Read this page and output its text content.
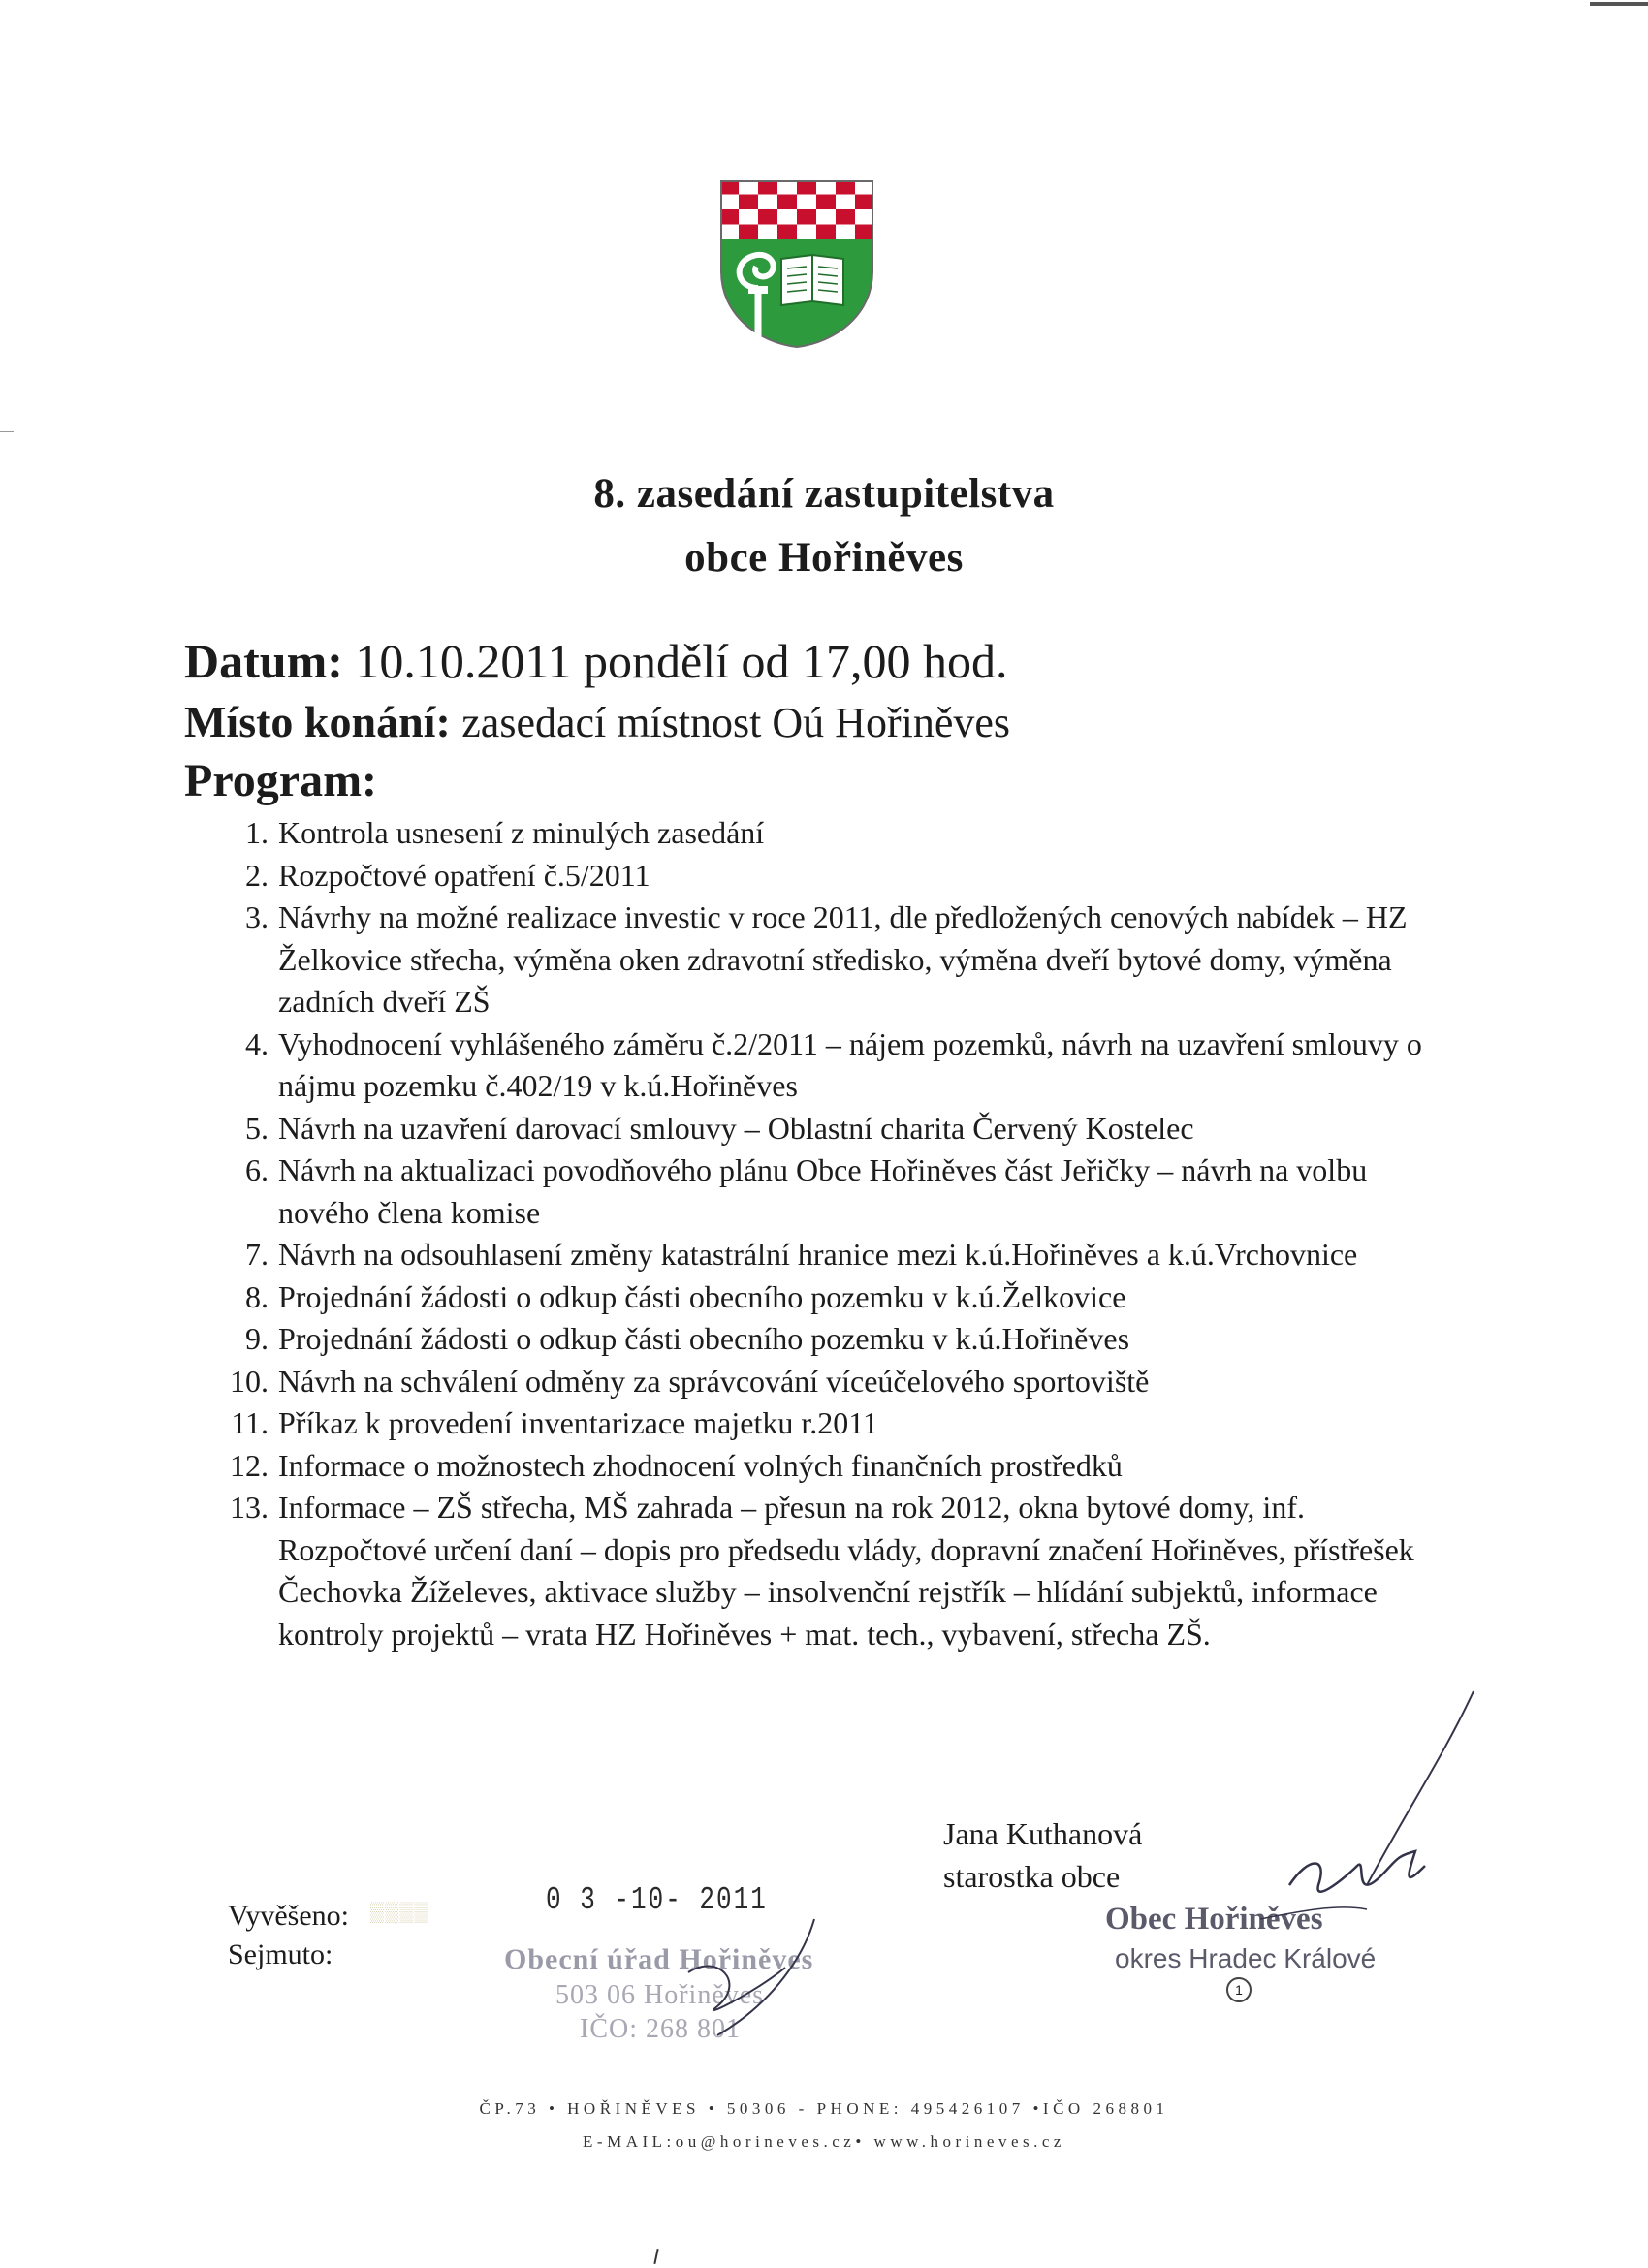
8. zasedání zastupitelstva
obce Hořiněves
Datum: 10.10.2011 pondělí od 17,00 hod.
Místo konání: zasedací místnost Oú Hořiněves
Program:
1. Kontrola usnesení z minulých zasedání
2. Rozpočtové opatření č.5/2011
3. Návrhy na možné realizace investic v roce 2011, dle předložených cenových nabídek – HZ Želkovice střecha, výměna oken zdravotní středisko, výměna dveří bytové domy, výměna zadních dveří ZŠ
4. Vyhodnocení vyhlášeného záměru č.2/2011 – nájem pozemků, návrh na uzavření smlouvy o nájmu pozemku č.402/19 v k.ú.Hořiněves
5. Návrh na uzavření darovací smlouvy – Oblastní charita Červený Kostelec
6. Návrh na aktualizaci povodňového plánu Obce Hořiněves část Jeřičky – návrh na volbu nového člena komise
7. Návrh na odsouhlasení změny katastrální hranice mezi k.ú.Hořiněves a k.ú.Vrchovnice
8. Projednání žádosti o odkup části obecního pozemku v k.ú.Želkovice
9. Projednání žádosti o odkup části obecního pozemku v k.ú.Hořiněves
10. Návrh na schválení odměny za správcování víceúčelového sportoviště
11. Příkaz k provedení inventarizace majetku r.2011
12. Informace o možnostech zhodnocení volných finančních prostředků
13. Informace – ZŠ střecha, MŠ zahrada – přesun na rok 2012, okna bytové domy, inf. Rozpočtové určení daní – dopis pro předsedu vlády, dopravní značení Hořiněves, přístřešek Čechovka Žíželeves, aktivace služby – insolvenční rejstřík – hlídání subjektů, informace kontroly projektů – vrata HZ Hořiněves + mat. tech., vybavení, střecha ZŠ.
Jana Kuthanová
starostka obce
Obec Hořiněves
okres Hradec Králové
1
Vyvěšeno:
Sejmuto:
▒▒▒▒	0 3 -10- 2011
Obecní úřad Hořiněves
503 06 Hořiněves
IČO: 268 801
ČP.73 • HOŘINĚVES • 50306 - PHONE: 495426107 •IČO 268801
E-MAIL:ou@horineves.cz• www.horineves.cz
